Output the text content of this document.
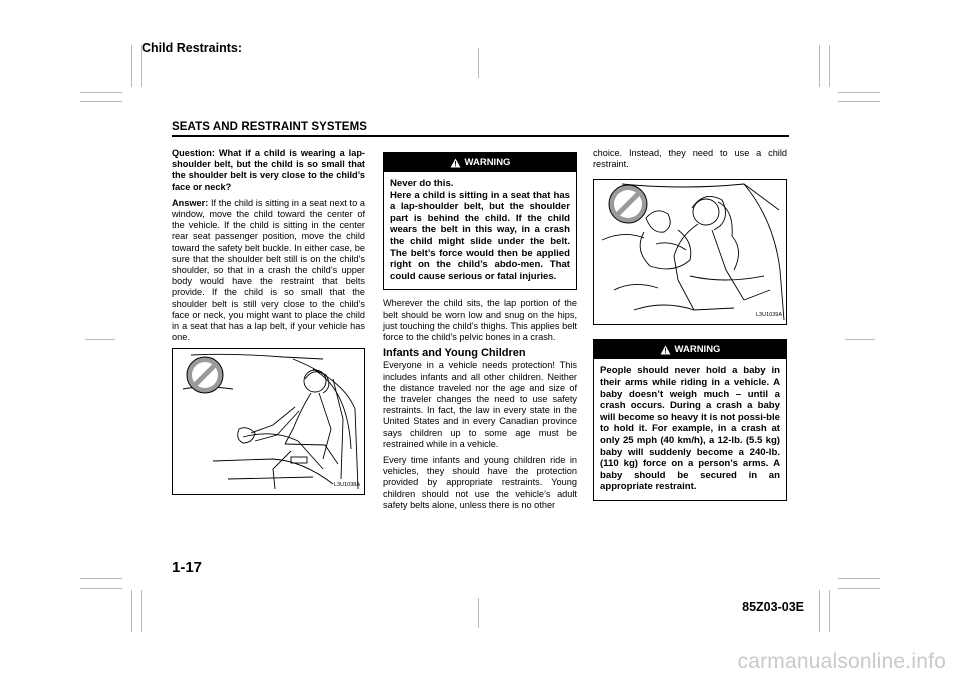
Child Restraints:
SEATS AND RESTRAINT SYSTEMS

Question: What if a child is wearing a lap-shoulder belt, but the child is so small that the shoulder belt is very close to the child’s face or neck?

Answer: If the child is sitting in a seat next to a window, move the child toward the center of the vehicle. If the child is sitting in the center rear seat passenger position, move the child toward the safety belt buckle. In either case, be sure that the shoulder belt still is on the child’s shoulder, so that in a crash the child’s upper body would have the restraint that belts provide. If the child is so small that the shoulder belt is still very close to the child’s face or neck, you might want to place the child in a seat that has a lap belt, if your vehicle has one.

L3U1038A
WARNING
Never do this.
Here a child is sitting in a seat that has a lap-shoulder belt, but the shoulder part is behind the child. If the child wears the belt in this way, in a crash the child might slide under the belt. The belt’s force would then be applied right on the child’s abdo-men. That could cause serious or fatal injuries.

Wherever the child sits, the lap portion of the belt should be worn low and snug on the hips, just touching the child’s thighs. This applies belt force to the child’s pelvic bones in a crash.

Infants and Young Children

Everyone in a vehicle needs protection! This includes infants and all other children. Neither the distance traveled nor the age and size of the traveler changes the need to use safety restraints. In fact, the law in every state in the United States and in every Canadian province says children up to some age must be restrained while in a vehicle.

Every time infants and young children ride in vehicles, they should have the protection provided by appropriate restraints. Young children should not use the vehicle’s adult safety belts alone, unless there is no other

choice. Instead, they need to use a child restraint.

L3U1039A
WARNING
People should never hold a baby in their arms while riding in a vehicle. A baby doesn’t weigh much – until a crash occurs. During a crash a baby will become so heavy it is not possi-ble to hold it. For example, in a crash at only 25 mph (40 km/h), a 12-lb. (5.5 kg) baby will suddenly become a 240-lb. (110 kg) force on a person’s arms. A baby should be secured in an appropriate restraint.
1-17
85Z03-03E
carmanualsonline.info
